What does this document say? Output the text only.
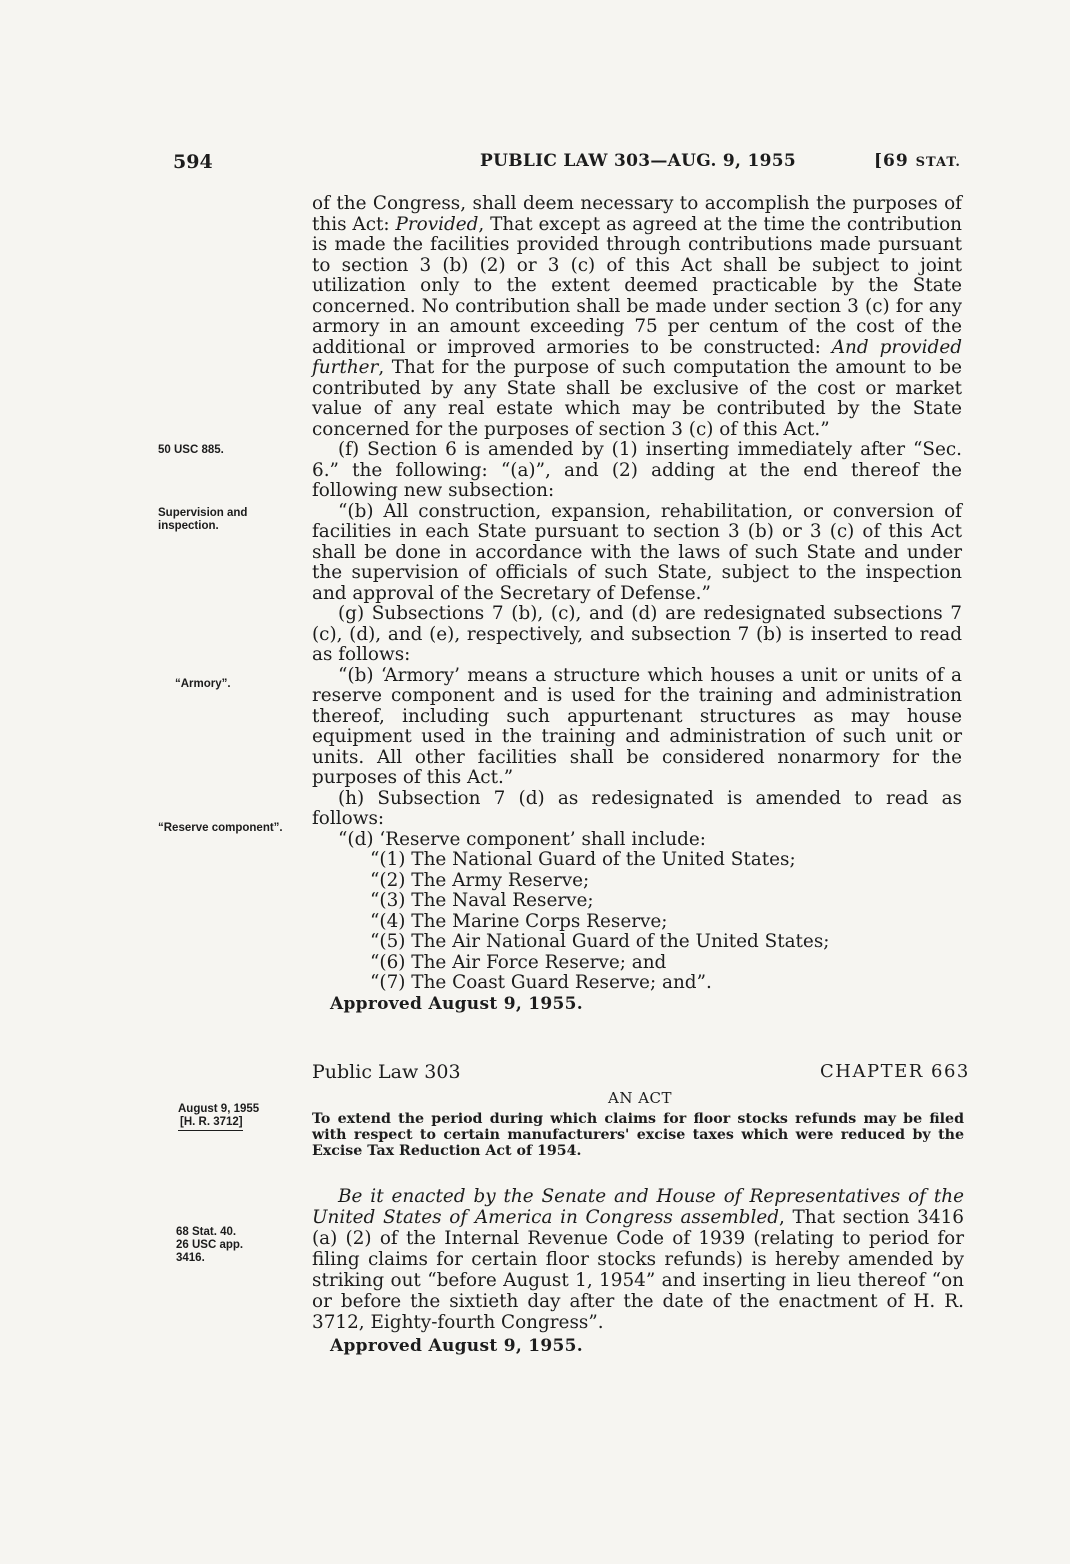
594	PUBLIC LAW 303—AUG. 9, 1955	[69 STAT.

of the Congress, shall deem necessary to accomplish the purposes of this Act: Provided, That except as agreed at the time the contribution is made the facilities provided through contributions made pursuant to section 3 (b) (2) or 3 (c) of this Act shall be subject to joint utilization only to the extent deemed practicable by the State concerned. No contribution shall be made under section 3 (c) for any armory in an amount exceeding 75 per centum of the cost of the additional or improved armories to be constructed: And provided further, That for the purpose of such computation the amount to be contributed by any State shall be exclusive of the cost or market value of any real estate which may be contributed by the State concerned for the purposes of section 3 (c) of this Act.”

(f) Section 6 is amended by (1) inserting immediately after “Sec. 6.” the following: “(a)”, and (2) adding at the end thereof the following new subsection:

“(b) All construction, expansion, rehabilitation, or conversion of facilities in each State pursuant to section 3 (b) or 3 (c) of this Act shall be done in accordance with the laws of such State and under the supervision of officials of such State, subject to the inspection and approval of the Secretary of Defense.”

(g) Subsections 7 (b), (c), and (d) are redesignated subsections 7 (c), (d), and (e), respectively, and subsection 7 (b) is inserted to read as follows:

“(b) ‘Armory’ means a structure which houses a unit or units of a reserve component and is used for the training and administration thereof, including such appurtenant structures as may house equipment used in the training and administration of such unit or units. All other facilities shall be considered nonarmory for the purposes of this Act.”

(h) Subsection 7 (d) as redesignated is amended to read as follows:

“(d) ‘Reserve component’ shall include:

“(1) The National Guard of the United States;

“(2) The Army Reserve;

“(3) The Naval Reserve;

“(4) The Marine Corps Reserve;

“(5) The Air National Guard of the United States;

“(6) The Air Force Reserve; and

“(7) The Coast Guard Reserve; and”.

Approved August 9, 1955.
50 USC 885.
Supervision and inspection.
“Armory”.
“Reserve component”.
August 9, 1955
[H. R. 3712]
68 Stat. 40.
26 USC app.
3416.
Public Law 303	CHAPTER 663
AN ACT
To extend the period during which claims for floor stocks refunds may be filed with respect to certain manufacturers' excise taxes which were reduced by the Excise Tax Reduction Act of 1954.

Be it enacted by the Senate and House of Representatives of the United States of America in Congress assembled, That section 3416 (a) (2) of the Internal Revenue Code of 1939 (relating to period for filing claims for certain floor stocks refunds) is hereby amended by striking out “before August 1, 1954” and inserting in lieu thereof “on or before the sixtieth day after the date of the enactment of H. R. 3712, Eighty-fourth Congress”.

Approved August 9, 1955.
